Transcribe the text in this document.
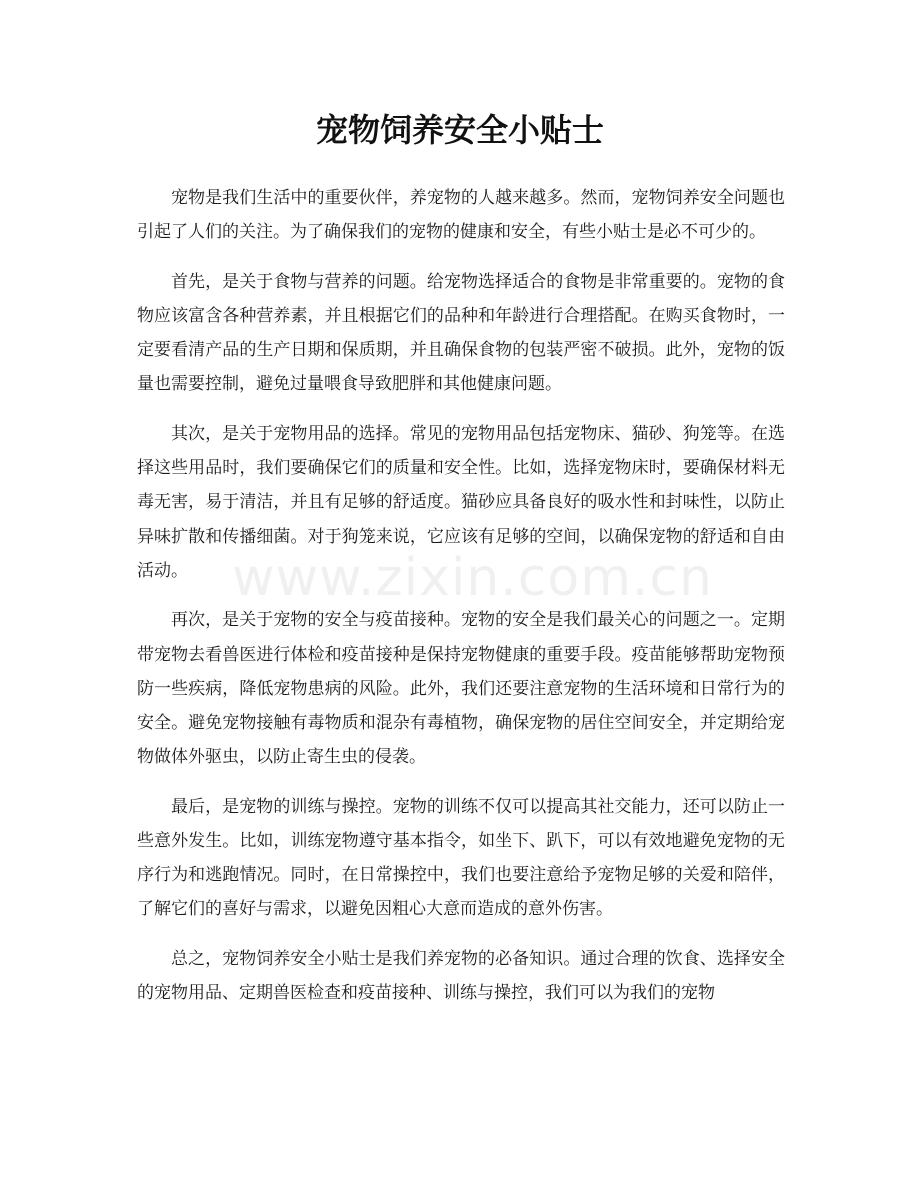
宠物饲养安全小贴士

宠物是我们生活中的重要伙伴，养宠物的人越来越多。然而，宠物饲养安全问题也引起了人们的关注。为了确保我们的宠物的健康和安全，有些小贴士是必不可少的。

首先，是关于食物与营养的问题。给宠物选择适合的食物是非常重要的。宠物的食物应该富含各种营养素，并且根据它们的品种和年龄进行合理搭配。在购买食物时，一定要看清产品的生产日期和保质期，并且确保食物的包装严密不破损。此外，宠物的饭量也需要控制，避免过量喂食导致肥胖和其他健康问题。

其次，是关于宠物用品的选择。常见的宠物用品包括宠物床、猫砂、狗笼等。在选择这些用品时，我们要确保它们的质量和安全性。比如，选择宠物床时，要确保材料无毒无害，易于清洁，并且有足够的舒适度。猫砂应具备良好的吸水性和封味性，以防止异味扩散和传播细菌。对于狗笼来说，它应该有足够的空间，以确保宠物的舒适和自由活动。

再次，是关于宠物的安全与疫苗接种。宠物的安全是我们最关心的问题之一。定期带宠物去看兽医进行体检和疫苗接种是保持宠物健康的重要手段。疫苗能够帮助宠物预防一些疾病，降低宠物患病的风险。此外，我们还要注意宠物的生活环境和日常行为的安全。避免宠物接触有毒物质和混杂有毒植物，确保宠物的居住空间安全，并定期给宠物做体外驱虫，以防止寄生虫的侵袭。

最后，是宠物的训练与操控。宠物的训练不仅可以提高其社交能力，还可以防止一些意外发生。比如，训练宠物遵守基本指令，如坐下、趴下，可以有效地避免宠物的无序行为和逃跑情况。同时，在日常操控中，我们也要注意给予宠物足够的关爱和陪伴，了解它们的喜好与需求，以避免因粗心大意而造成的意外伤害。

总之，宠物饲养安全小贴士是我们养宠物的必备知识。通过合理的饮食、选择安全的宠物用品、定期兽医检查和疫苗接种、训练与操控，我们可以为我们的宠物

www.zixin.com.cn
